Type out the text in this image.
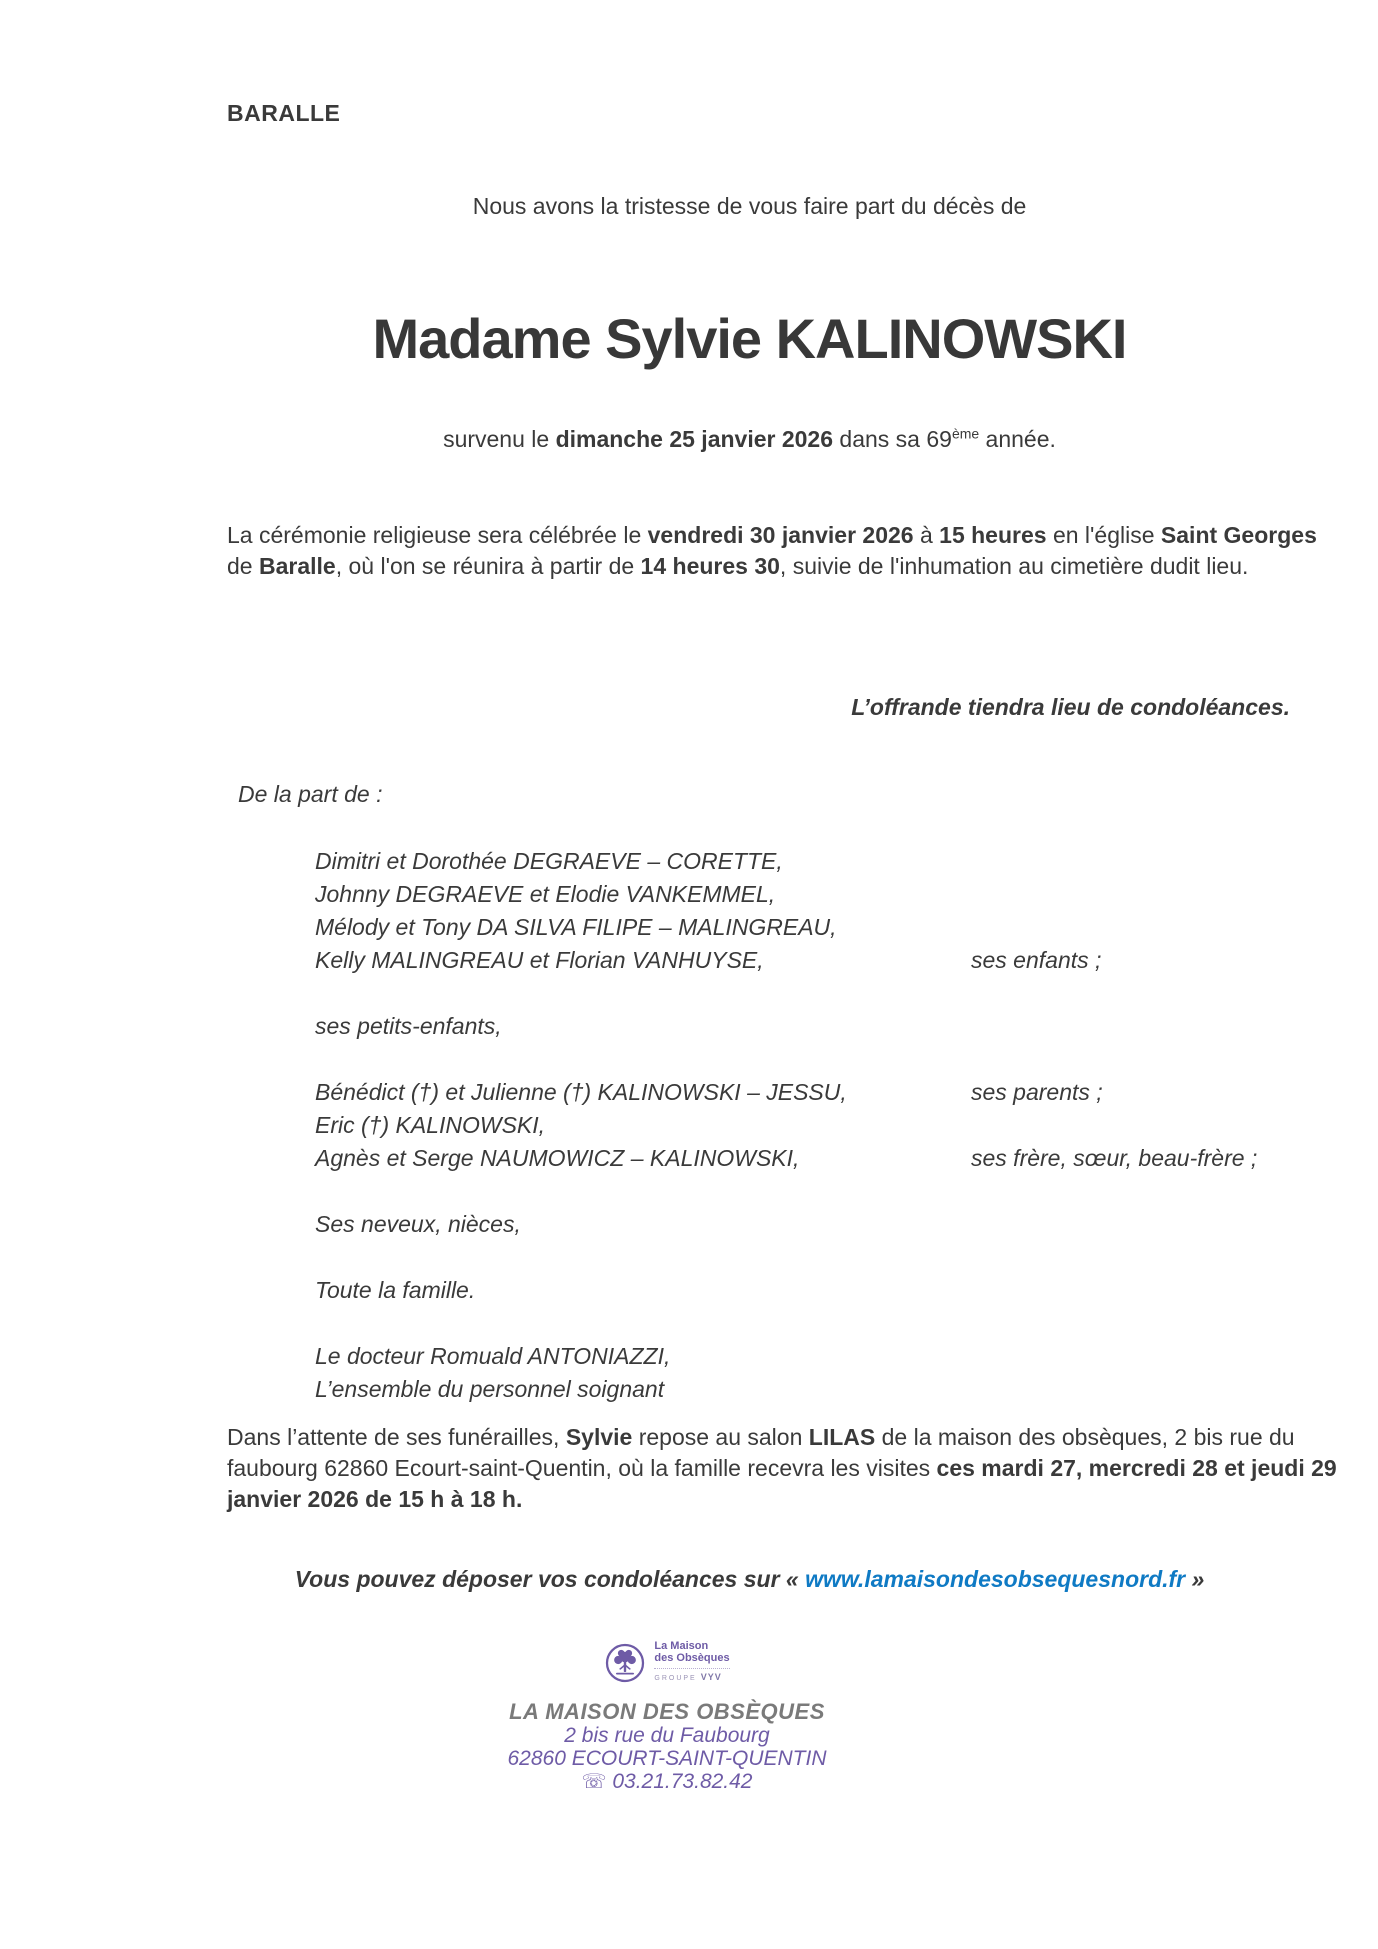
BARALLE
Nous avons la tristesse de vous faire part du décès de
Madame Sylvie KALINOWSKI
survenu le dimanche 25 janvier 2026 dans sa 69ème année.

La cérémonie religieuse sera célébrée le vendredi 30 janvier 2026 à 15 heures en l'église Saint Georges de Baralle, où l'on se réunira à partir de 14 heures 30, suivie de l'inhumation au cimetière dudit lieu.

L’offrande tiendra lieu de condoléances.
De la part de :
Dimitri et Dorothée DEGRAEVE – CORETTE,
Johnny DEGRAEVE et Elodie VANKEMMEL,
Mélody et Tony DA SILVA FILIPE – MALINGREAU,
Kelly MALINGREAU et Florian VANHUYSE,	ses enfants ;
ses petits-enfants,
Bénédict (†) et Julienne (†) KALINOWSKI – JESSU,	ses parents ;
Eric (†) KALINOWSKI,
Agnès et Serge NAUMOWICZ – KALINOWSKI,	ses frère, sœur, beau-frère ;
Ses neveux, nièces,
Toute la famille.
Le docteur Romuald ANTONIAZZI,
L’ensemble du personnel soignant

Dans l’attente de ses funérailles, Sylvie repose au salon LILAS de la maison des obsèques, 2 bis rue du faubourg 62860 Ecourt-saint-Quentin, où la famille recevra les visites ces mardi 27, mercredi 28 et jeudi 29 janvier 2026 de 15 h à 18 h.

Vous pouvez déposer vos condoléances sur « www.lamaisondesobsequesnord.fr »
La Maison
des Obsèques
GROUPE VYV
LA MAISON DES OBSÈQUES
2 bis rue du Faubourg
62860 ECOURT-SAINT-QUENTIN
☏ 03.21.73.82.42
